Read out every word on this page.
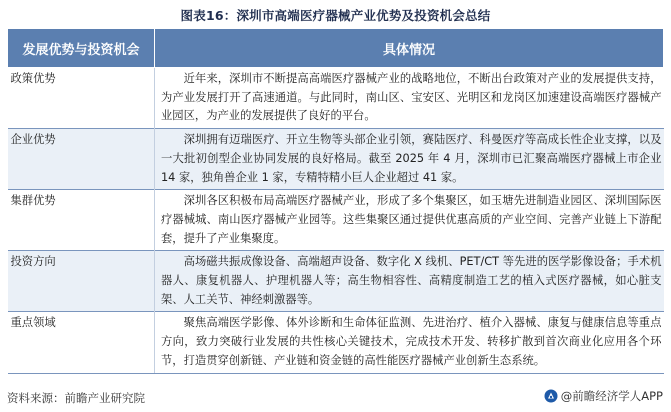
图表16：深圳市高端医疗器械产业优势及投资机会总结
发展优势与投资机会	具体情况
政策优势	近年来，深圳市不断提高高端医疗器械产业的战略地位，不断出台政策对产业的发展提供支持，为产业发展打开了高速通道。与此同时，南山区、宝安区、光明区和龙岗区加速建设高端医疗器械产业园区，为产业的发展提供了良好的平台。
企业优势	深圳拥有迈瑞医疗、开立生物等头部企业引领，赛陆医疗、科曼医疗等高成长性企业支撑，以及一大批初创型企业协同发展的良好格局。截至 2025 年 4 月，深圳市已汇聚高端医疗器械上市企业 14 家，独角兽企业 1 家，专精特精小巨人企业超过 41 家。
集群优势	深圳各区积极布局高端医疗器械产业，形成了多个集聚区，如玉塘先进制造业园区、深圳国际医疗器械城、南山医疗器械产业园等。这些集聚区通过提供优惠高质的产业空间、完善产业链上下游配套，提升了产业集聚度。
投资方向	高场磁共振成像设备、高端超声设备、数字化 X 线机、PET/CT 等先进的医学影像设备；手术机器人、康复机器人、护理机器人等；高生物相容性、高精度制造工艺的植入式医疗器械，如心脏支架、人工关节、神经刺激器等。
重点领域	聚焦高端医学影像、体外诊断和生命体征监测、先进治疗、植介入器械、康复与健康信息等重点方向，致力突破行业发展的共性核心关键技术，完成技术开发、转移扩散到首次商业化应用各个环节，打造贯穿创新链、产业链和资金链的高性能医疗器械产业创新生态系统。
资料来源：前瞻产业研究院	@前瞻经济学人APP
